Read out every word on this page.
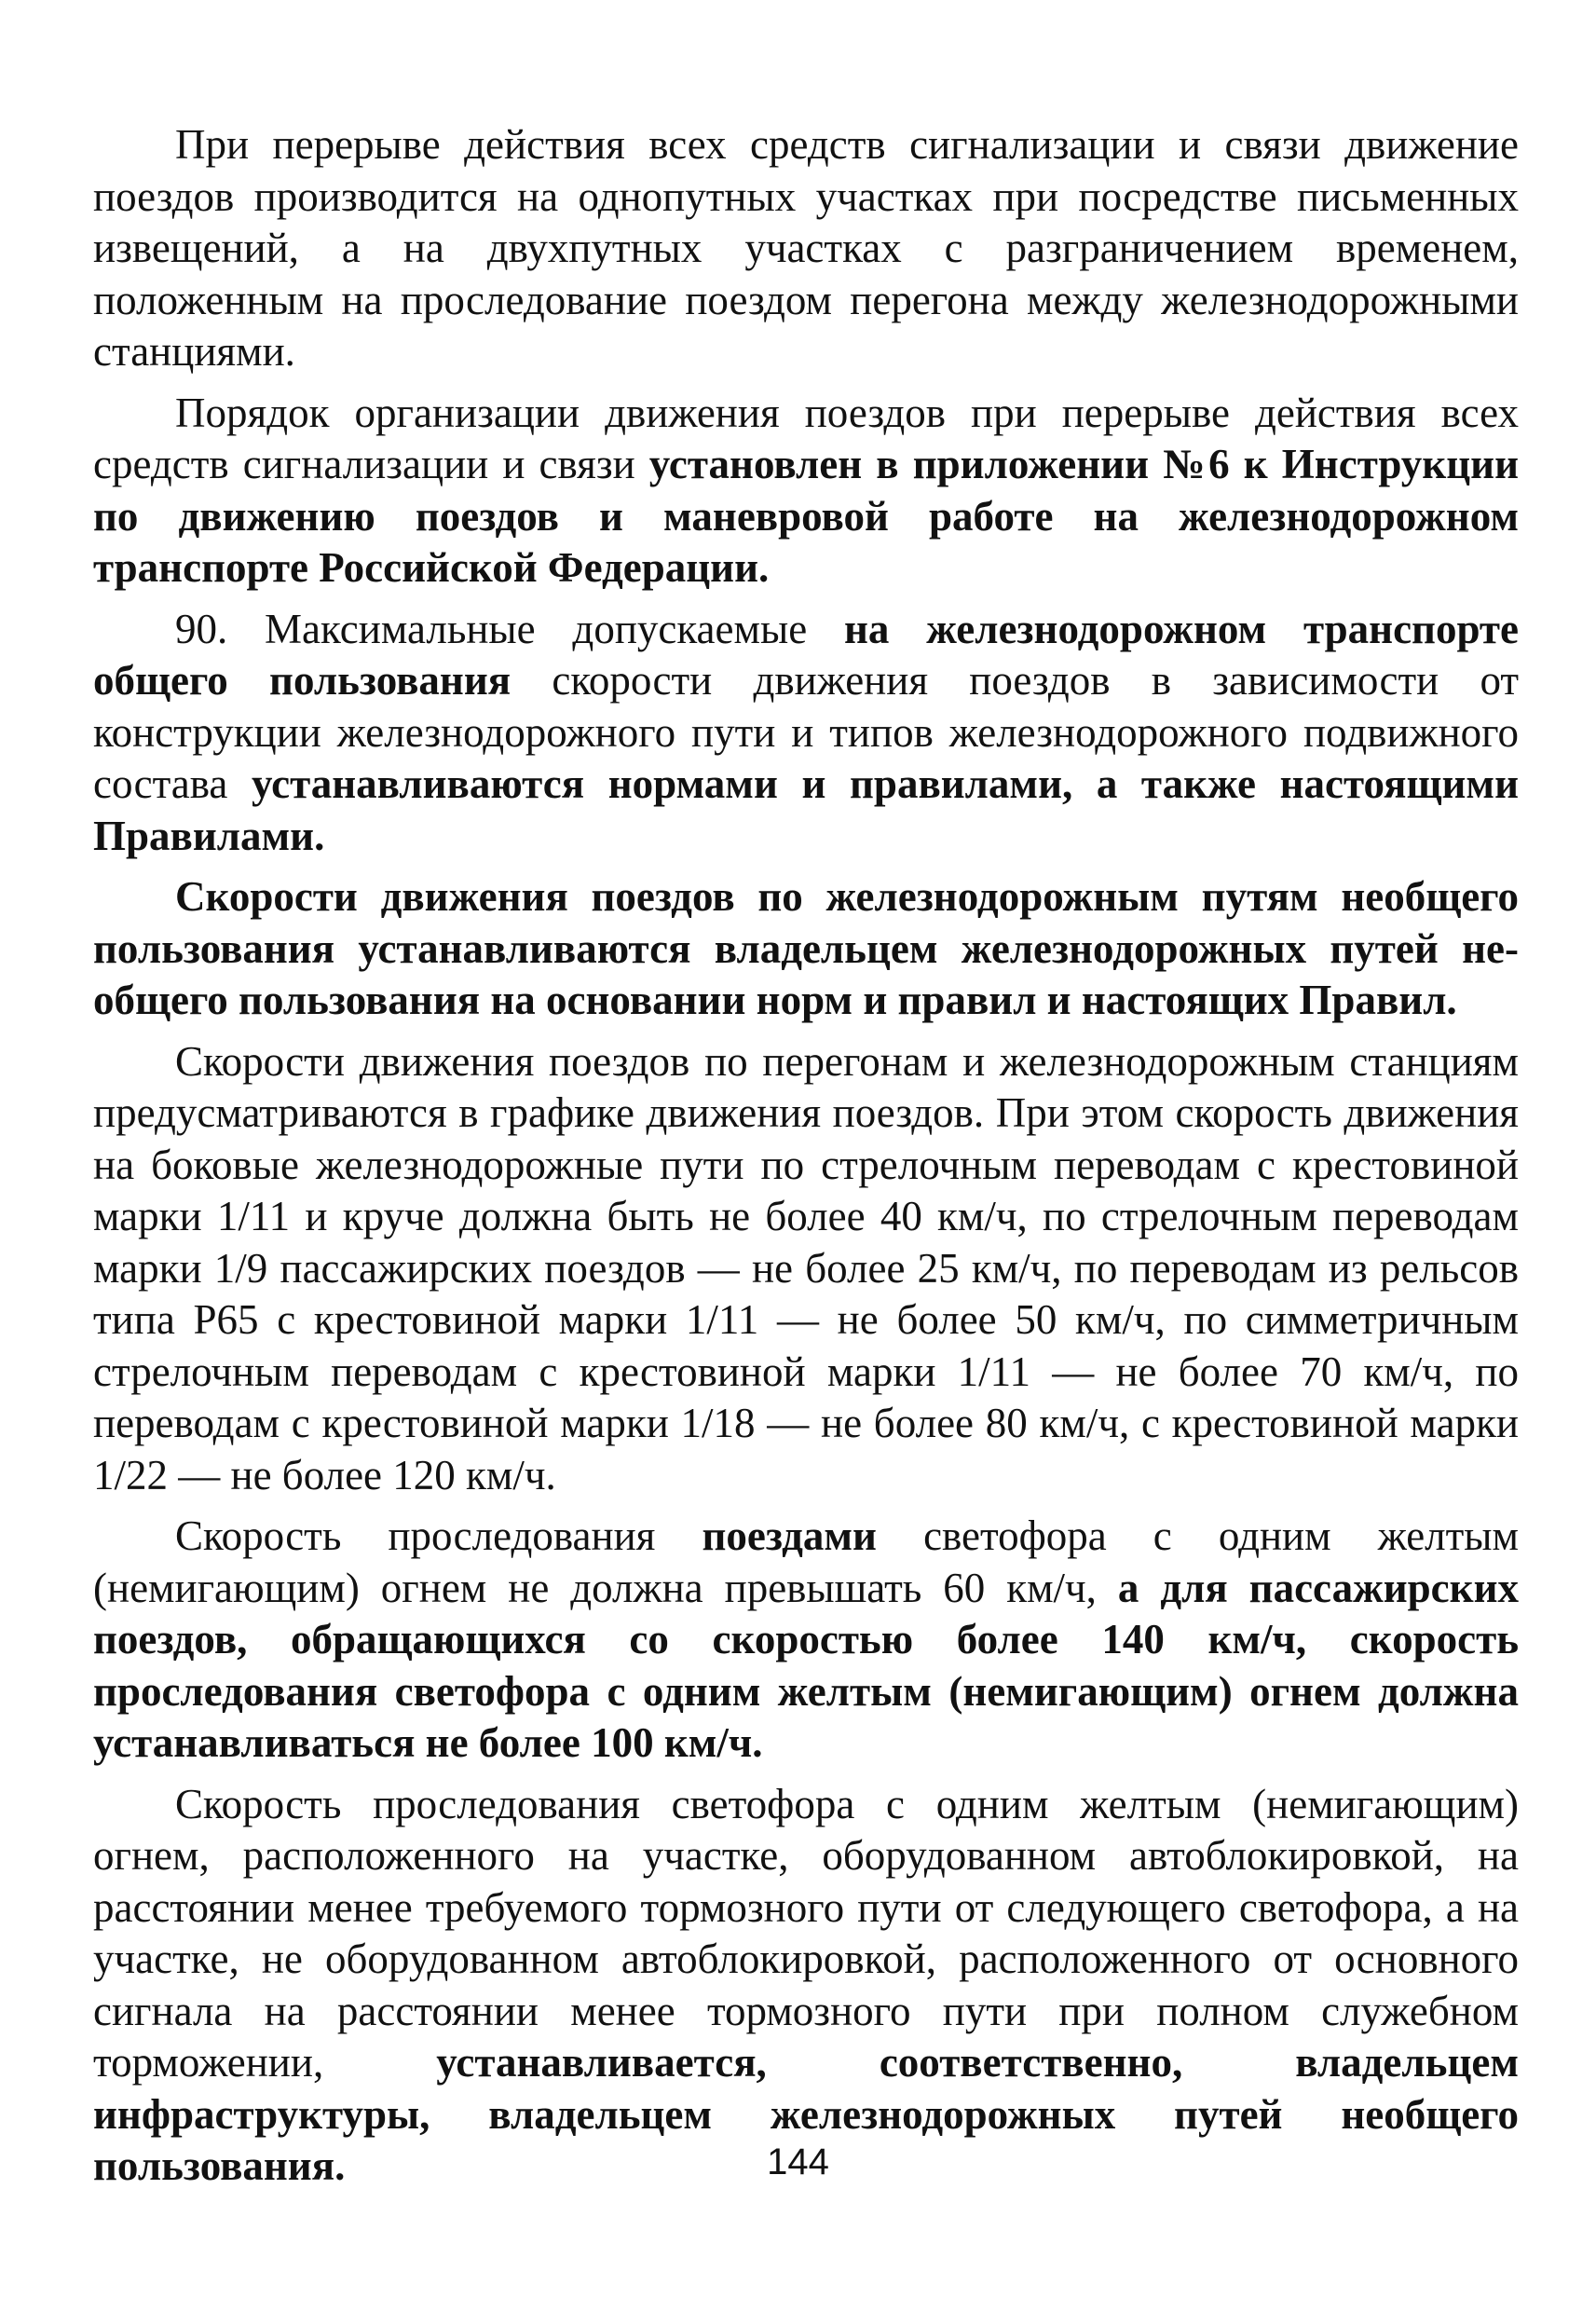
При перерыве действия всех средств сигнализации и связи движение поездов производится на однопутных участках при посредстве письменных извещений, а на двухпутных участках с разграничением временем, положенным на проследование поездом перегона между железнодорожными станциями.

Порядок организации движения поездов при перерыве действия всех средств сигнализации и связи установлен в приложении №6 к Инструкции по движению поездов и маневровой работе на железнодорожном транспорте Российской Федерации.

90. Максимальные допускаемые на железнодорожном транспорте общего пользования скорости движения поездов в зависимости от конструкции железнодорожного пути и типов железнодорожного подвижного состава устанавливаются нормами и правилами, а также настоящими Правилами.

Скорости движения поездов по железнодорожным путям необщего пользования устанавливаются владельцем железнодорожных путей необщего пользования на основании норм и правил и настоящих Правил.

Скорости движения поездов по перегонам и железнодорожным станциям предусматриваются в графике движения поездов. При этом скорость движения на боковые железнодорожные пути по стрелочным переводам с крестовиной марки 1/11 и круче должна быть не более 40 км/ч, по стрелочным переводам марки 1/9 пассажирских поездов — не более 25 км/ч, по переводам из рельсов типа Р65 с крестовиной марки 1/11 — не более 50 км/ч, по симметричным стрелочным переводам с крестовиной марки 1/11 — не более 70 км/ч, по переводам с крестовиной марки 1/18 — не более 80 км/ч, с крестовиной марки 1/22 — не более 120 км/ч.

Скорость проследования поездами светофора с одним желтым (немигающим) огнем не должна превышать 60 км/ч, а для пассажирских поездов, обращающихся со скоростью более 140 км/ч, скорость проследования светофора с одним желтым (немигающим) огнем должна устанавливаться не более 100 км/ч.

Скорость проследования светофора с одним желтым (немигающим) огнем, расположенного на участке, оборудованном автоблокировкой, на расстоянии менее требуемого тормозного пути от следующего светофора, а на участке, не оборудованном автоблокировкой, расположенного от основного сигнала на расстоянии менее тормозного пути при полном служебном торможении, устанавливается, соответственно, владельцем инфраструктуры, владельцем железнодорожных путей необщего пользования.	144
